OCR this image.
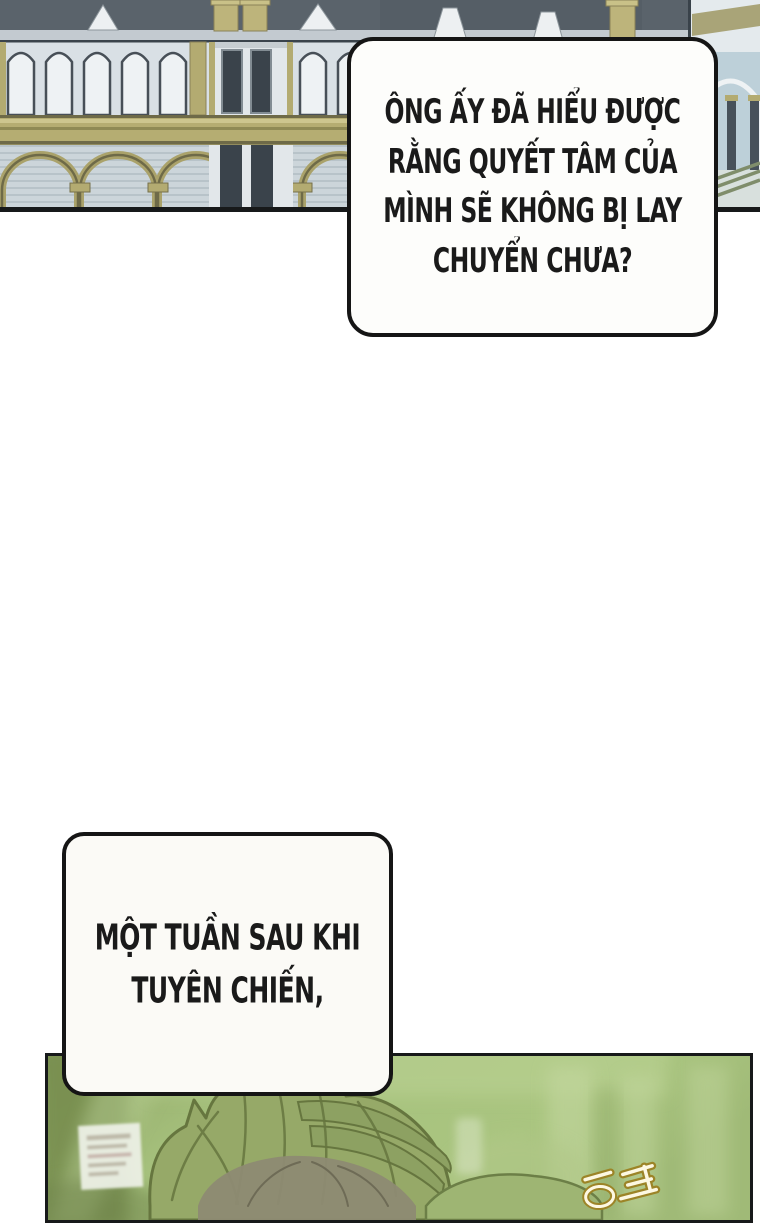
ÔNG ẤY ĐÃ HIỂU ĐƯỢC
RẰNG QUYẾT TÂM CỦA
MÌNH SẼ KHÔNG BỊ LAY
CHUYỂN CHƯA?
MỘT TUẦN SAU KHI
TUYÊN CHIẾN,
